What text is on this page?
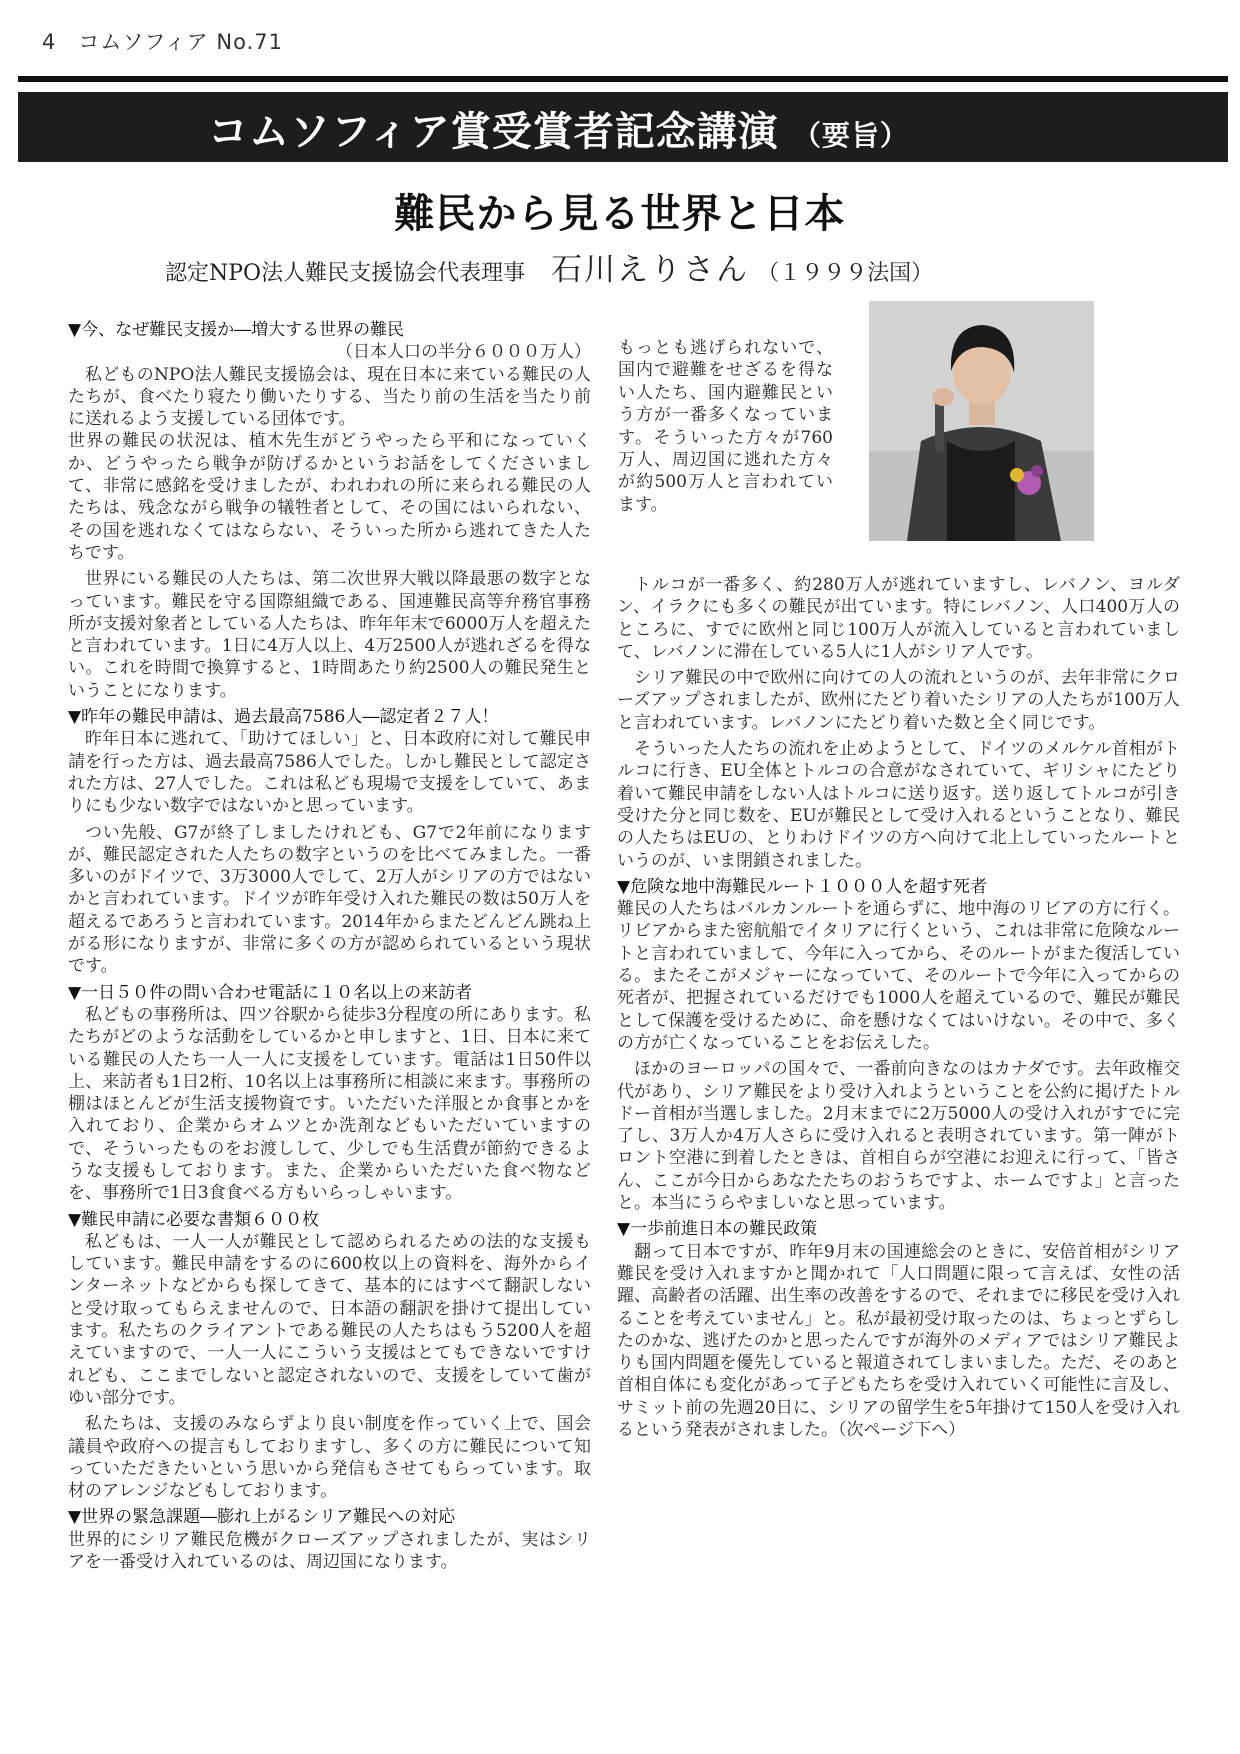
4　コムソフィア No.71
コムソフィア賞受賞者記念講演 （要旨）
難民から見る世界と日本
認定NPO法人難民支援協会代表理事 石川えりさん （１９９９法国）

▼今、なぜ難民支援か―増大する世界の難民

（日本人口の半分６０００万人）

私どものNPO法人難民支援協会は、現在日本に来ている難民の人たちが、食べたり寝たり働いたりする、当たり前の生活を当たり前に送れるよう支援している団体です。

世界の難民の状況は、植木先生がどうやったら平和になっていくか、どうやったら戦争が防げるかというお話をしてくださいまして、非常に感銘を受けましたが、われわれの所に来られる難民の人たちは、残念ながら戦争の犠牲者として、その国にはいられない、その国を逃れなくてはならない、そういった所から逃れてきた人たちです。

世界にいる難民の人たちは、第二次世界大戦以降最悪の数字となっています。難民を守る国際組織である、国連難民高等弁務官事務所が支援対象者としている人たちは、昨年年末で6000万人を超えたと言われています。1日に4万人以上、4万2500人が逃れざるを得ない。これを時間で換算すると、1時間あたり約2500人の難民発生ということになります。

▼昨年の難民申請は、過去最高7586人―認定者２７人！

昨年日本に逃れて、「助けてほしい」と、日本政府に対して難民申請を行った方は、過去最高7586人でした。しかし難民として認定された方は、27人でした。これは私ども現場で支援をしていて、あまりにも少ない数字ではないかと思っています。

つい先般、G7が終了しましたけれども、G7で2年前になりますが、難民認定された人たちの数字というのを比べてみました。一番多いのがドイツで、3万3000人でして、2万人がシリアの方ではないかと言われています。ドイツが昨年受け入れた難民の数は50万人を超えるであろうと言われています。2014年からまたどんどん跳ね上がる形になりますが、非常に多くの方が認められているという現状です。

▼一日５０件の問い合わせ電話に１０名以上の来訪者

私どもの事務所は、四ツ谷駅から徒歩3分程度の所にあります。私たちがどのような活動をしているかと申しますと、1日、日本に来ている難民の人たち一人一人に支援をしています。電話は1日50件以上、来訪者も1日2桁、10名以上は事務所に相談に来ます。事務所の棚はほとんどが生活支援物資です。いただいた洋服とか食事とかを入れており、企業からオムツとか洗剤などもいただいていますので、そういったものをお渡しして、少しでも生活費が節約できるような支援もしております。また、企業からいただいた食べ物などを、事務所で1日3食食べる方もいらっしゃいます。

▼難民申請に必要な書類６００枚

私どもは、一人一人が難民として認められるための法的な支援もしています。難民申請をするのに600枚以上の資料を、海外からインターネットなどからも探してきて、基本的にはすべて翻訳しないと受け取ってもらえませんので、日本語の翻訳を掛けて提出しています。私たちのクライアントである難民の人たちはもう5200人を超えていますので、一人一人にこういう支援はとてもできないですけれども、ここまでしないと認定されないので、支援をしていて歯がゆい部分です。

私たちは、支援のみならずより良い制度を作っていく上で、国会議員や政府への提言もしておりますし、多くの方に難民について知っていただきたいという思いから発信もさせてもらっています。取材のアレンジなどもしております。

▼世界の緊急課題―膨れ上がるシリア難民への対応

世界的にシリア難民危機がクローズアップされましたが、実はシリアを一番受け入れているのは、周辺国になります。

もっとも逃げられないで、国内で避難をせざるを得ない人たち、国内避難民という方が一番多くなっています。そういった方々が760万人、周辺国に逃れた方々が約500万人と言われています。

トルコが一番多く、約280万人が逃れていますし、レバノン、ヨルダン、イラクにも多くの難民が出ています。特にレバノン、人口400万人のところに、すでに欧州と同じ100万人が流入していると言われていまして、レバノンに滞在している5人に1人がシリア人です。

シリア難民の中で欧州に向けての人の流れというのが、去年非常にクローズアップされましたが、欧州にたどり着いたシリアの人たちが100万人と言われています。レバノンにたどり着いた数と全く同じです。

そういった人たちの流れを止めようとして、ドイツのメルケル首相がトルコに行き、EU全体とトルコの合意がなされていて、ギリシャにたどり着いて難民申請をしない人はトルコに送り返す。送り返してトルコが引き受けた分と同じ数を、EUが難民として受け入れるということなり、難民の人たちはEUの、とりわけドイツの方へ向けて北上していったルートというのが、いま閉鎖されました。

▼危険な地中海難民ルート１０００人を超す死者

難民の人たちはバルカンルートを通らずに、地中海のリビアの方に行く。リビアからまた密航船でイタリアに行くという、これは非常に危険なルートと言われていまして、今年に入ってから、そのルートがまた復活している。またそこがメジャーになっていて、そのルートで今年に入ってからの死者が、把握されているだけでも1000人を超えているので、難民が難民として保護を受けるために、命を懸けなくてはいけない。その中で、多くの方が亡くなっていることをお伝えした。

ほかのヨーロッパの国々で、一番前向きなのはカナダです。去年政権交代があり、シリア難民をより受け入れようということを公約に掲げたトルドー首相が当選しました。2月末までに2万5000人の受け入れがすでに完了し、3万人か4万人さらに受け入れると表明されています。第一陣がトロント空港に到着したときは、首相自らが空港にお迎えに行って、「皆さん、ここが今日からあなたたちのおうちですよ、ホームですよ」と言ったと。本当にうらやましいなと思っています。

▼一歩前進日本の難民政策

翻って日本ですが、昨年9月末の国連総会のときに、安倍首相がシリア難民を受け入れますかと聞かれて「人口問題に限って言えば、女性の活躍、高齢者の活躍、出生率の改善をするので、それまでに移民を受け入れることを考えていません」と。私が最初受け取ったのは、ちょっとずらしたのかな、逃げたのかと思ったんですが海外のメディアではシリア難民よりも国内問題を優先していると報道されてしまいました。ただ、そのあと首相自体にも変化があって子どもたちを受け入れていく可能性に言及し、サミット前の先週20日に、シリアの留学生を5年掛けて150人を受け入れるという発表がされました。（次ページ下へ）
